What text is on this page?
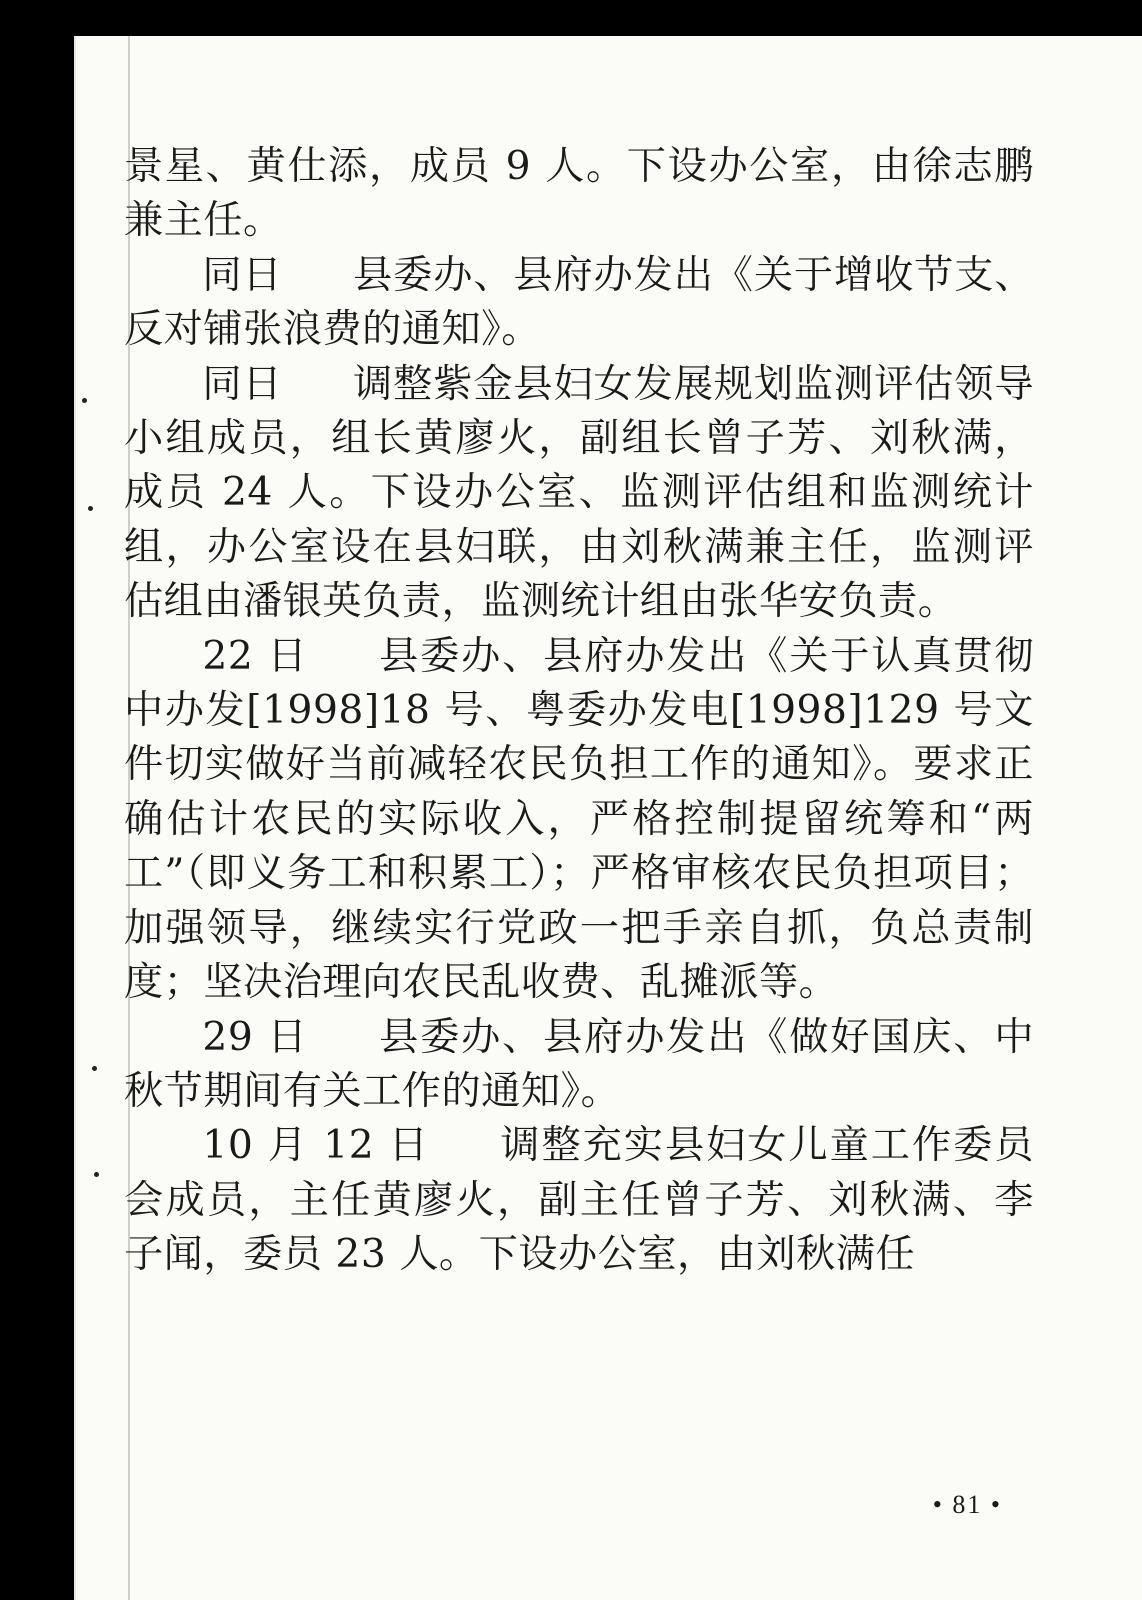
景星、黄仕添，成员 9 人。下设办公室，由徐志鹏兼主任。

同日 县委办、县府办发出《关于增收节支、反对铺张浪费的通知》。

同日 调整紫金县妇女发展规划监测评估领导小组成员，组长黄廖火，副组长曾子芳、刘秋满，成员 24 人。下设办公室、监测评估组和监测统计组，办公室设在县妇联，由刘秋满兼主任，监测评估组由潘银英负责，监测统计组由张华安负责。

22 日 县委办、县府办发出《关于认真贯彻中办发[1998]18 号、粤委办发电[1998]129 号文件切实做好当前减轻农民负担工作的通知》。要求正确估计农民的实际收入，严格控制提留统筹和“两工”（即义务工和积累工）；严格审核农民负担项目；加强领导，继续实行党政一把手亲自抓，负总责制度；坚决治理向农民乱收费、乱摊派等。

29 日 县委办、县府办发出《做好国庆、中秋节期间有关工作的通知》。

10 月 12 日 调整充实县妇女儿童工作委员会成员，主任黄廖火，副主任曾子芳、刘秋满、李子闻，委员 23 人。下设办公室，由刘秋满任

• 81 •
